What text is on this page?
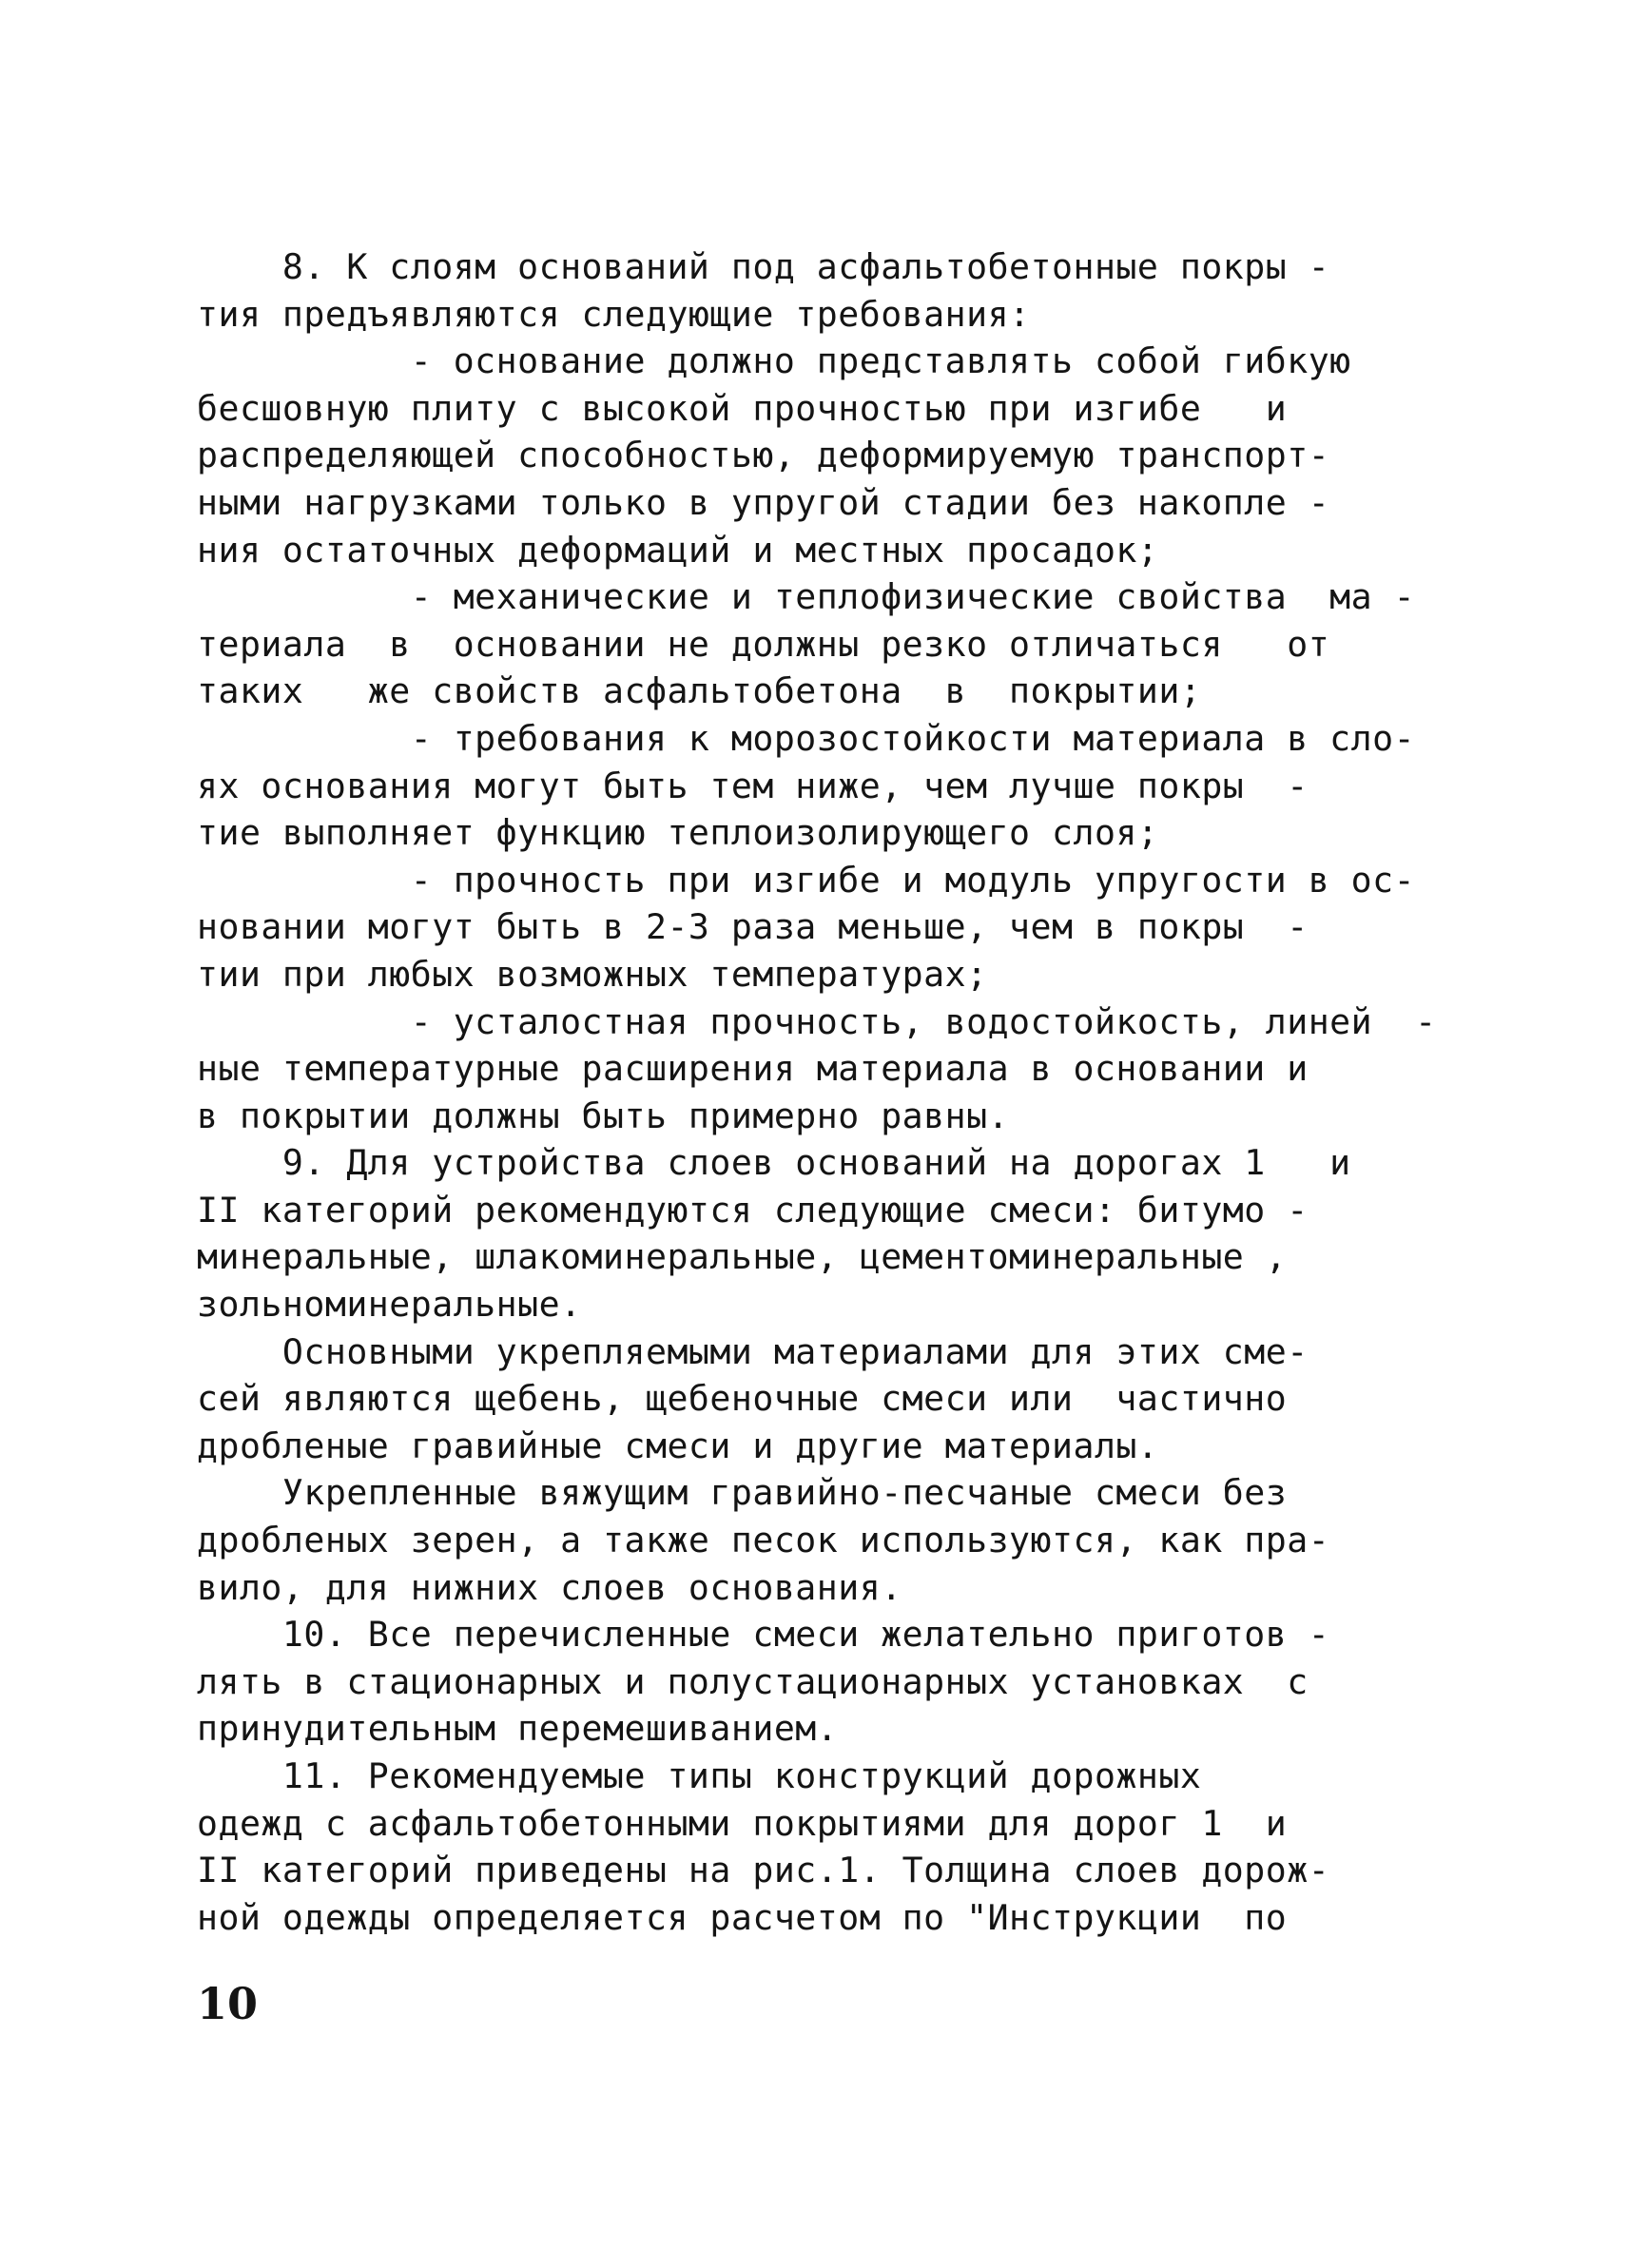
8. К слоям оснований под асфальтобетонные покры -
тия предъявляются следующие требования:
- основание должно представлять собой гибкую
бесшовную плиту с высокой прочностью при изгибе   и
распределяющей способностью, деформируемую транспорт-
ными нагрузками только в упругой стадии без накопле -
ния остаточных деформаций и местных просадок;
- механические и теплофизические свойства  ма -
териала  в  основании не должны резко отличаться   от
таких   же свойств асфальтобетона  в  покрытии;
- требования к морозостойкости материала в сло-
ях основания могут быть тем ниже, чем лучше покры  -
тие выполняет функцию теплоизолирующего слоя;
- прочность при изгибе и модуль упругости в ос-
новании могут быть в 2-3 раза меньше, чем в покры  -
тии при любых возможных температурах;
- усталостная прочность, водостойкость, линей  -
ные температурные расширения материала в основании и
в покрытии должны быть примерно равны.
9. Для устройства слоев оснований на дорогах 1   и
II категорий рекомендуются следующие смеси: битумо -
минеральные, шлакоминеральные, цементоминеральные ,
зольноминеральные.
Основными укрепляемыми материалами для этих сме-
сей являются щебень, щебеночные смеси или  частично
дробленые гравийные смеси и другие материалы.
Укрепленные вяжущим гравийно-песчаные смеси без
дробленых зерен, а также песок используются, как пра-
вило, для нижних слоев основания.
10. Все перечисленные смеси желательно приготов -
лять в стационарных и полустационарных установках  с
принудительным перемешиванием.
11. Рекомендуемые типы конструкций дорожных
одежд с асфальтобетонными покрытиями для дорог 1  и
II категорий приведены на рис.1. Толщина слоев дорож-
ной одежды определяется расчетом по "Инструкции  по
10
